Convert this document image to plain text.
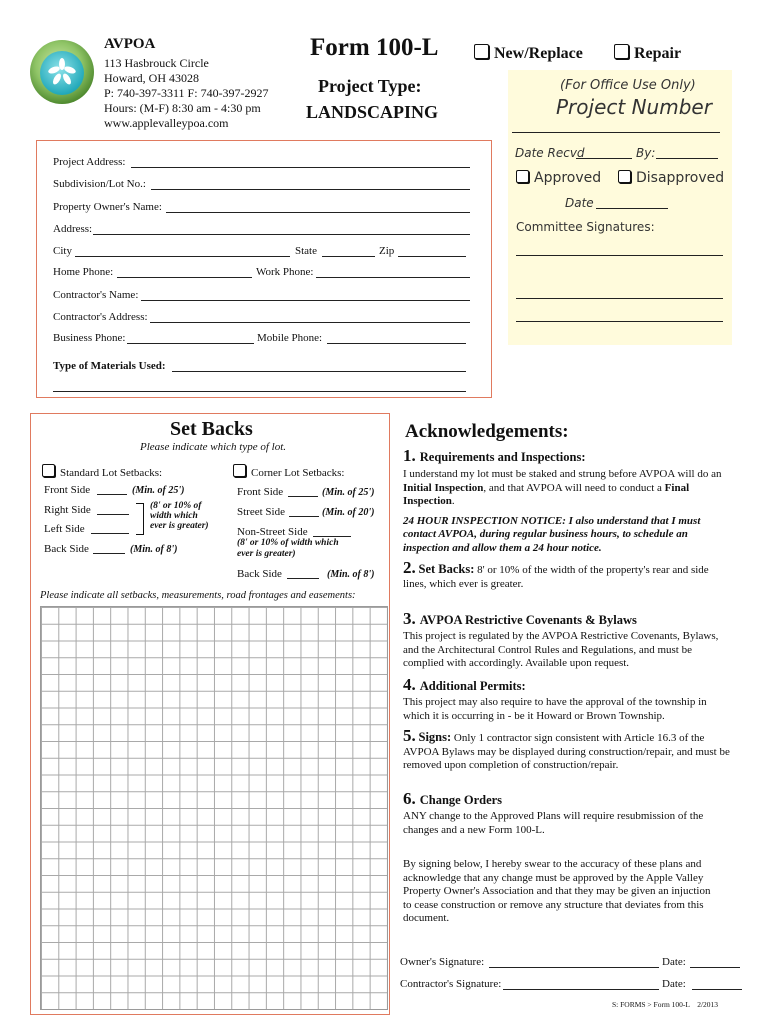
AVPOA
113 Hasbrouck Circle
Howard, OH 43028
P: 740-397-3311 F: 740-397-2927
Hours: (M-F) 8:30 am - 4:30 pm
www.applevalleypoa.com
Form 100-L
Project Type:
LANDSCAPING
New/Replace	Repair
(For Office Use Only)
Project Number
Date Recvd	By:
Approved	Disapproved
Date
Committee Signatures:
Project Address:
Subdivision/Lot No.:
Property Owner's Name:
Address:
City	State	Zip
Home Phone:	Work Phone:
Contractor's Name:
Contractor's Address:
Business Phone:	Mobile Phone:
Type of Materials Used:
Set Backs
Please indicate which type of lot.
Standard Lot Setbacks:	Corner Lot Setbacks:
Front Side	(Min. of 25')
Right Side
Left Side
(8' or 10% of
width which
ever is greater)
Back Side	(Min. of 8')
Front Side	(Min. of 25')
Street Side	(Min. of 20')
Non-Street Side
(8' or 10% of width which
ever is greater)
Back Side	(Min. of 8')
Please indicate all setbacks, measurements, road frontages and easements:
Acknowledgements:

1. Requirements and Inspections:

I understand my lot must be staked and strung before AVPOA will do an Initial Inspection, and that AVPOA will need to conduct a Final Inspection.

24 HOUR INSPECTION NOTICE: I also understand that I must contact AVPOA, during regular business hours, to schedule an inspection and allow them a 24 hour notice.

2. Set Backs: 8' or 10% of the width of the property's rear and side lines, which ever is greater.

3. AVPOA Restrictive Covenants & Bylaws

This project is regulated by the AVPOA Restrictive Covenants, Bylaws, and the Architectural Control Rules and Regulations, and must be complied with accordingly. Available upon request.

4. Additional Permits:

This project may also require to have the approval of the township in which it is occurring in - be it Howard or Brown Township.

5. Signs: Only 1 contractor sign consistent with Article 16.3 of the AVPOA Bylaws may be displayed during construction/repair, and must be removed upon completion of construction/repair.

6. Change Orders

ANY change to the Approved Plans will require resubmission of the changes and a new Form 100-L.

By signing below, I hereby swear to the accuracy of these plans and acknowledge that any change must be approved by the Apple Valley Property Owner's Association and that they may be given an injuction to cease construction or remove any structure that deviates from this document.
Owner's Signature:	Date:
Contractor's Signature:	Date:
S: FORMS > Form 100-L    2/2013
